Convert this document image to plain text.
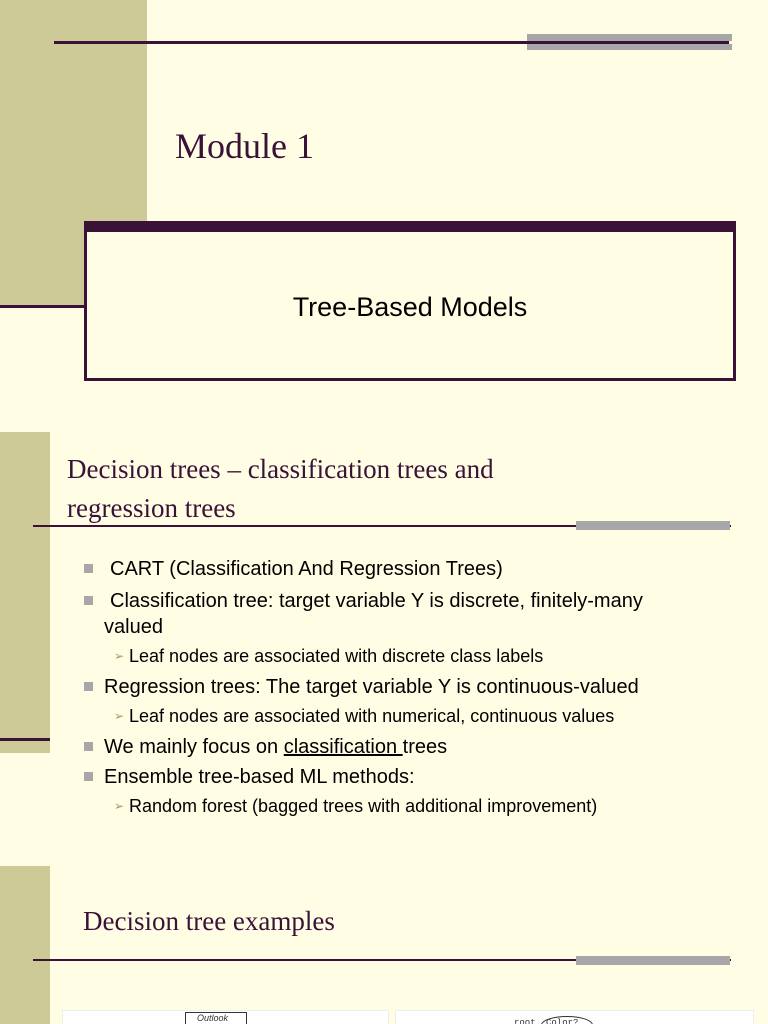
Module 1
Tree-Based Models
Decision trees – classification trees and
regression trees
CART (Classification And Regression Trees)
Classification tree: target variable Y is discrete, finitely-many
valued
➢ Leaf nodes are associated with discrete class labels
Regression trees: The target variable Y is continuous-valued
➢ Leaf nodes are associated with numerical, continuous values
We mainly focus on classification trees
Ensemble tree-based ML methods:
➢ Random forest (bagged trees with additional improvement)
Decision tree examples
Outlook	root Color?
